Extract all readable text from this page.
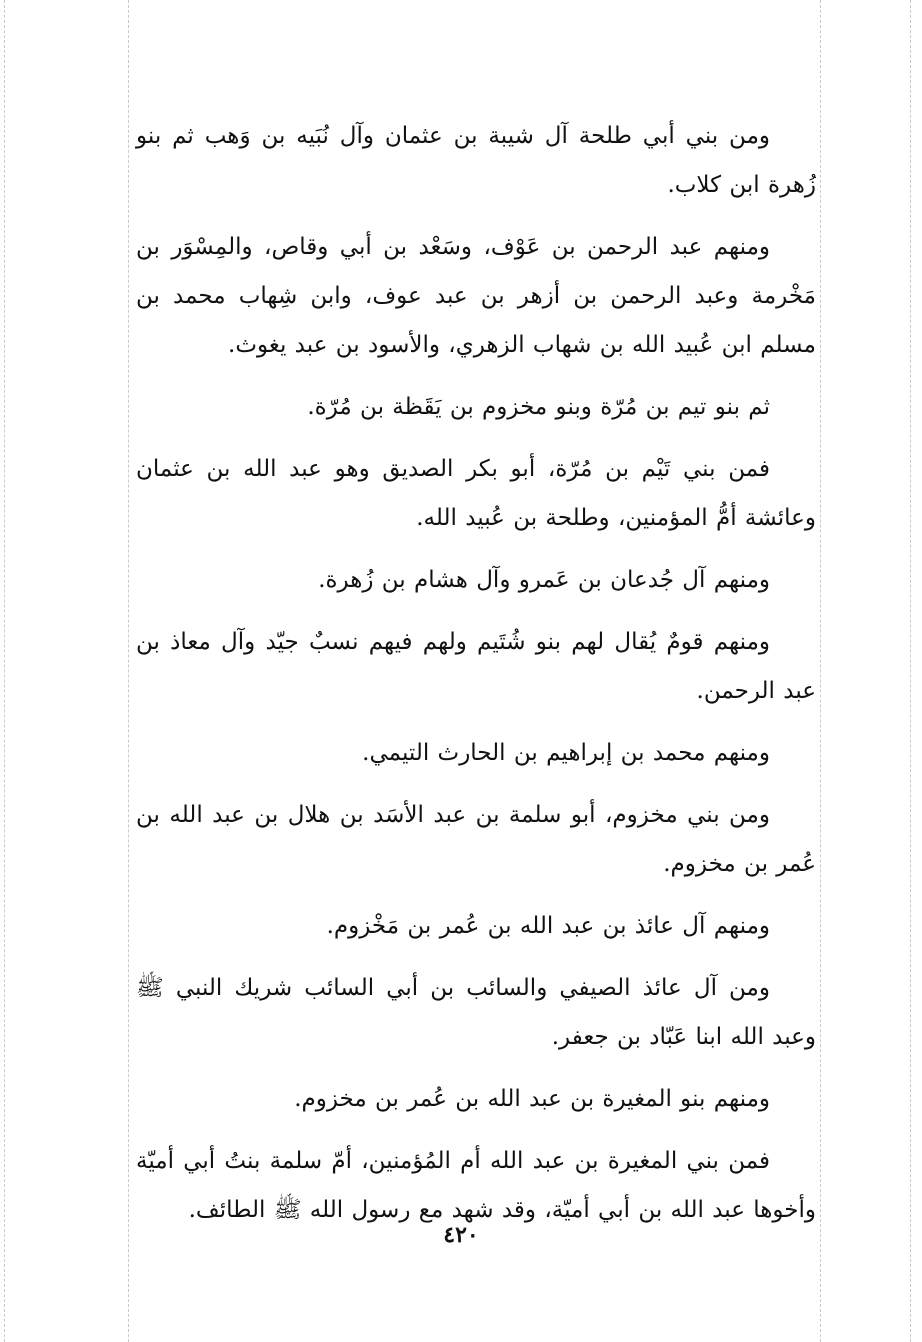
ومن بني أبي طلحة آل شيبة بن عثمان وآل نُبَيه بن وَهب ثم بنو زُهرة ابن كلاب.

ومنهم عبد الرحمن بن عَوْف، وسَعْد بن أبي وقاص، والمِسْوَر بن مَخْرمة وعبد الرحمن بن أزهر بن عبد عوف، وابن شِهاب محمد بن مسلم ابن عُبيد الله بن شهاب الزهري، والأسود بن عبد يغوث.

ثم بنو تيم بن مُرّة وبنو مخزوم بن يَقَظة بن مُرّة.

فمن بني تَيْم بن مُرّة، أبو بكر الصديق وهو عبد الله بن عثمان وعائشة أمُّ المؤمنين، وطلحة بن عُبيد الله.

ومنهم آل جُدعان بن عَمرو وآل هشام بن زُهرة.

ومنهم قومٌ يُقال لهم بنو شُتَيم ولهم فيهم نسبٌ جيّد وآل معاذ بن عبد الرحمن.

ومنهم محمد بن إبراهيم بن الحارث التيمي.

ومن بني مخزوم، أبو سلمة بن عبد الأسَد بن هلال بن عبد الله بن عُمر بن مخزوم.

ومنهم آل عائذ بن عبد الله بن عُمر بن مَخْزوم.

ومن آل عائذ الصيفي والسائب بن أبي السائب شريك النبي ﷺ وعبد الله ابنا عَبّاد بن جعفر.

ومنهم بنو المغيرة بن عبد الله بن عُمر بن مخزوم.

فمن بني المغيرة بن عبد الله أم المُؤمنين، أمّ سلمة بنتُ أبي أميّة وأخوها عبد الله بن أبي أميّة، وقد شهد مع رسول الله ﷺ الطائف.

٤٢٠
